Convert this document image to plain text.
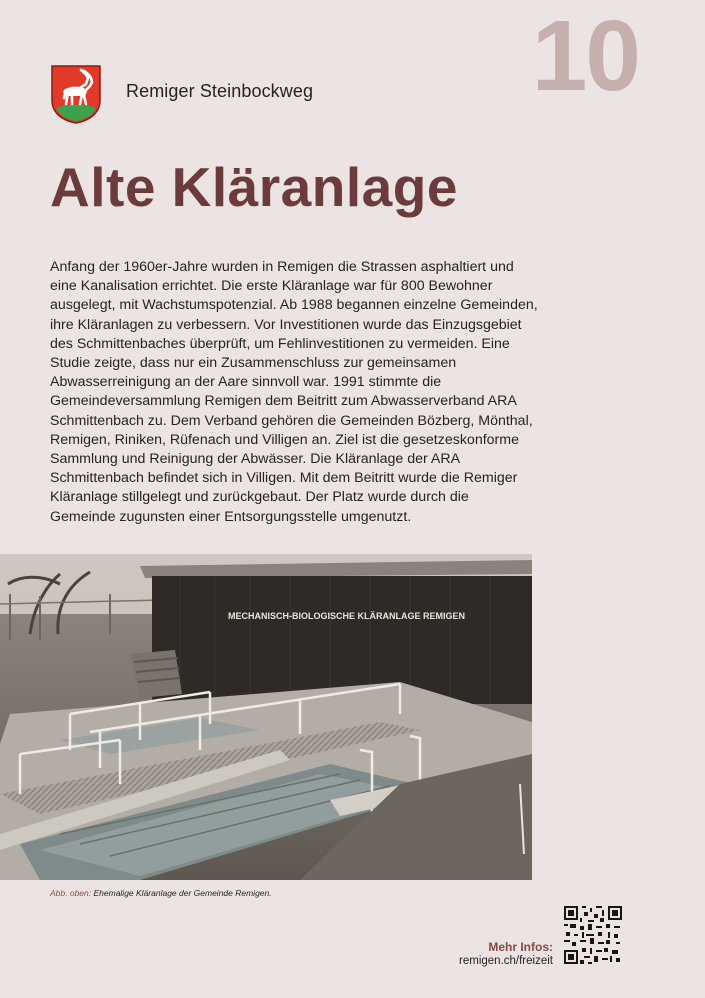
Remiger Steinbockweg 10
Alte Kläranlage

Anfang der 1960er-Jahre wurden in Remigen die Strassen asphaltiert und eine Kanalisation errichtet. Die erste Kläranlage war für 800 Bewohner ausgelegt, mit Wachstumspotenzial. Ab 1988 begannen einzelne Gemeinden, ihre Kläranlagen zu verbessern. Vor Investitionen wurde das Einzugsgebiet des Schmittenbaches überprüft, um Fehlinvestitionen zu vermeiden. Eine Studie zeigte, dass nur ein Zusammenschluss zur gemeinsamen Abwasserreinigung an der Aare sinnvoll war. 1991 stimmte die Gemeindeversammlung Remigen dem Beitritt zum Abwasserverband ARA Schmittenbach zu. Dem Verband gehören die Gemeinden Bözberg, Mönthal, Remigen, Riniken, Rüfenach und Villigen an. Ziel ist die gesetzeskonforme Sammlung und Reinigung der Abwässer. Die Kläranlage der ARA Schmittenbach befindet sich in Villigen. Mit dem Beitritt wurde die Remiger Kläranlage stillgelegt und zurückgebaut. Der Platz wurde durch die Gemeinde zugunsten einer Entsorgungsstelle umgenutzt.

MECHANISCH-BIOLOGISCHE KLÄRANLAGE REMIGEN
Abb. oben: Ehemalige Kläranlage der Gemeinde Remigen.
Mehr Infos:
remigen.ch/freizeit
